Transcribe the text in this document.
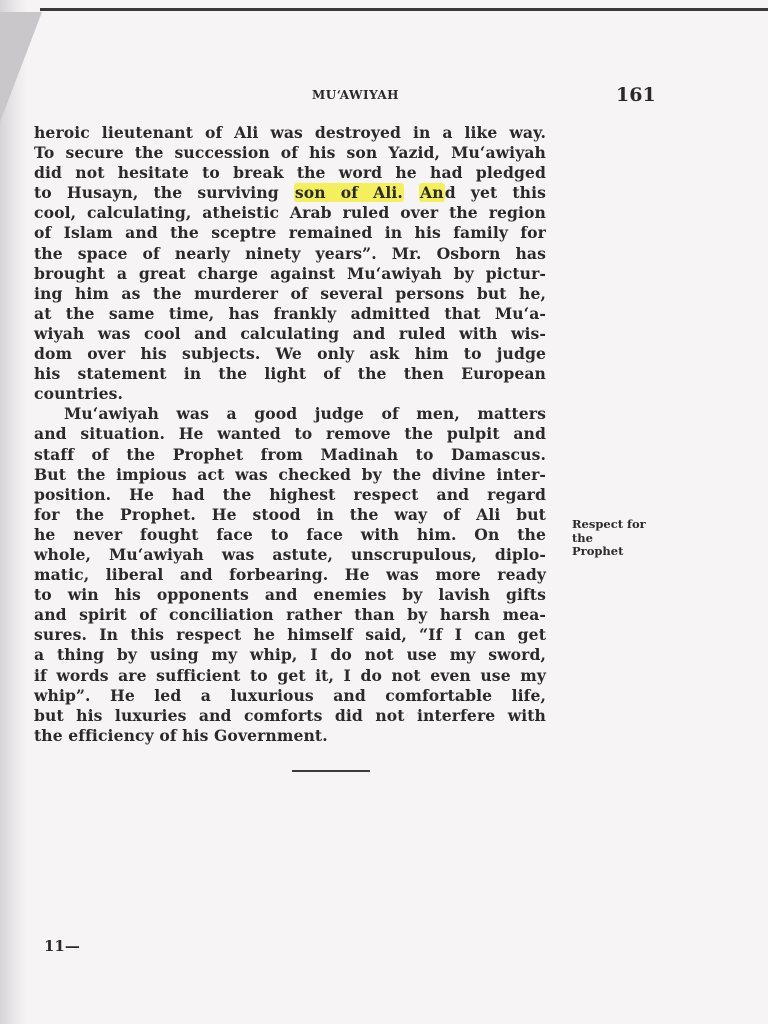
MU‘AWIYAH	161
heroic lieutenant of Ali was destroyed in a like way.
To secure the succession of his son Yazid, Mu‘awiyah
did not hesitate to break the word he had pledged
to Husayn, the surviving son of Ali. And yet this
cool, calculating, atheistic Arab ruled over the region
of Islam and the sceptre remained in his family for
the space of nearly ninety years”. Mr. Osborn has
brought a great charge against Mu‘awiyah by pictur-
ing him as the murderer of several persons but he,
at the same time, has frankly admitted that Mu‘a-
wiyah was cool and calculating and ruled with wis-
dom over his subjects. We only ask him to judge
his statement in the light of the then European
countries.
Mu‘awiyah was a good judge of men, matters
and situation. He wanted to remove the pulpit and
staff of the Prophet from Madinah to Damascus.
But the impious act was checked by the divine inter-
position. He had the highest respect and regard
for the Prophet. He stood in the way of Ali but
he never fought face to face with him. On the
whole, Mu‘awiyah was astute, unscrupulous, diplo-
matic, liberal and forbearing. He was more ready
to win his opponents and enemies by lavish gifts
and spirit of conciliation rather than by harsh mea-
sures. In this respect he himself said, “If I can get
a thing by using my whip, I do not use my sword,
if words are sufficient to get it, I do not even use my
whip”. He led a luxurious and comfortable life,
but his luxuries and comforts did not interfere with
the efficiency of his Government.
Respect for
the
Prophet
11—
